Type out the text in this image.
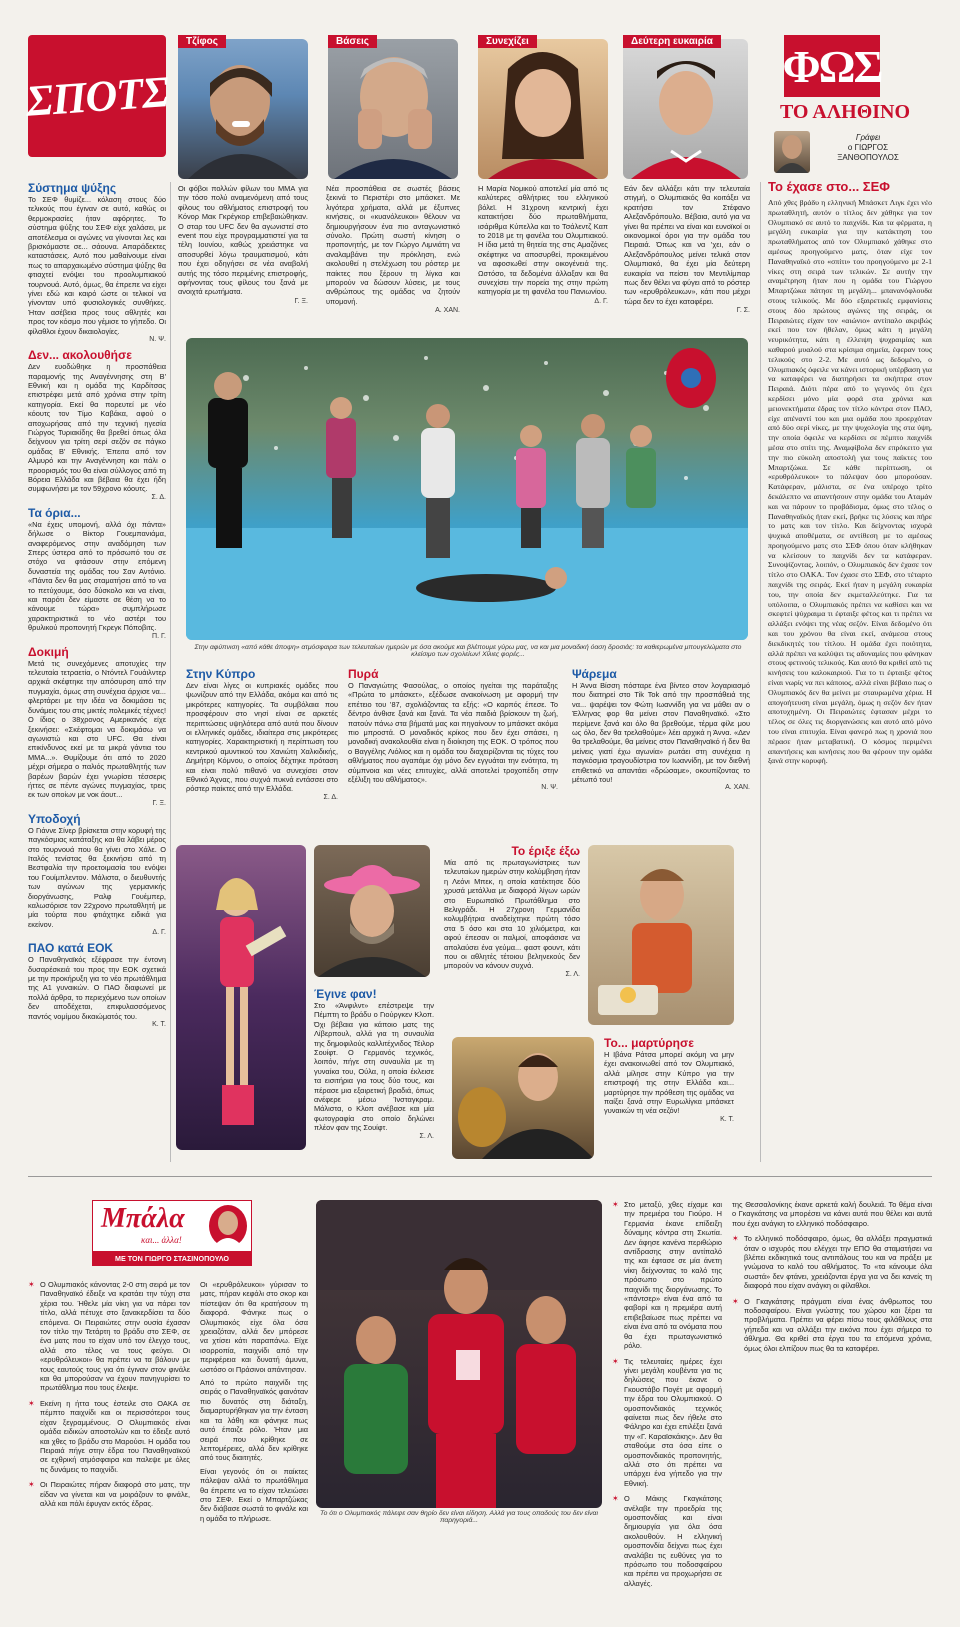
ΣΠΟΤΣ
Τζίφος	Βάσεις	Συνεχίζει	Δεύτερη ευκαιρία ΦΩΣ
ΤΟ ΑΛΗΘΙΝΟ
Γράφει
ο ΓΙΩΡΓΟΣ
ΞΑΝΘΟΠΟΥΛΟΣ

Οι φόβοι πολλών φίλων του ΜΜΑ για την τόσο πολύ αναμενόμενη από τους φίλους του αθλήματος επιστροφή του Κόνορ Μακ Γκρέγκορ επιβεβαιώθηκαν. Ο σταρ του UFC δεν θα αγωνιστεί στο event που είχε προγραμματιστεί για τα τέλη Ιουνίου, καθώς χρειάστηκε να αποσυρθεί λόγω τραυματισμού, κάτι που έχει οδηγήσει σε νέα αναβολή αυτής της τόσο περιμένης επιστροφής, αφήνοντας τους φίλους του ξανά με ανοιχτά ερωτήματα.

Γ. Ξ.

Νέα προσπάθεια σε σωστές βάσεις ξεκινά το Περιστέρι στο μπάσκετ. Με λιγότερα χρήματα, αλλά με έξυπνες κινήσεις, οι «κυανόλευκοι» θέλουν να δημιουργήσουν ένα πιο ανταγωνιστικό σύνολο. Πρώτη σωστή κίνηση ο προπονητής, με τον Γιώργο Λιμνιάτη να αναλαμβάνει την πρόκληση, ενώ ακολουθεί η στελέχωση του ρόστερ με παίκτες που ξέρουν τη λίγκα και μπορούν να δώσουν λύσεις, με τους ανθρώπους της ομάδας να ζητούν υπομονή.

Α. ΧΑΝ.

Η Μαρία Νομικού αποτελεί μία από τις καλύτερες αθλήτριες του ελληνικού βόλεϊ. Η 31χρονη κεντρική έχει κατακτήσει δύο πρωταθλήματα, ισάριθμα Κύπελλα και το Τσάλεντζ Καπ το 2018 με τη φανέλα του Ολυμπιακού. Η ίδια μετά τη θητεία της στις Αμαζόνες σκέφτηκε να αποσυρθεί, προκειμένου να αφοσιωθεί στην οικογένειά της. Ωστόσο, τα δεδομένα άλλαξαν και θα συνεχίσει την πορεία της στην πρώτη κατηγορία με τη φανέλα του Πανιωνίου.

Δ. Γ.

Εάν δεν αλλάξει κάτι την τελευταία στιγμή, ο Ολυμπιακός θα κοιτάξει να κρατήσει τον Στέφανο Αλεξανδρόπουλο. Βέβαια, αυτό για να γίνει θα πρέπει να είναι και ευνοϊκοί οι οικονομικοί όροι για την ομάδα του Πειραιά. Όπως και να 'χει, εάν ο Αλεξανδρόπουλος μείνει τελικά στον Ολυμπιακό, θα έχει μία δεύτερη ευκαιρία να πείσει τον Μεντιλίμπαρ πως δεν θέλει να φύγει από το ρόστερ των «ερυθρόλευκων», κάτι που μέχρι τώρα δεν το έχει καταφέρει.

Γ. Σ.
Σύστημα ψύξης

Το ΣΕΦ θυμίζε... κόλαση στους δύο τελικούς που έγιναν σε αυτό, καθώς οι θερμοκρασίες ήταν αφόρητες. Το σύστημα ψύξης του ΣΕΦ είχε χαλάσει, με αποτέλεσμα οι αγώνες να γίνονται λες και βρισκόμαστε σε... σάουνα. Απαράδεκτες καταστάσεις. Αυτό που μαθαίνουμε είναι πως το απαρχαιωμένο σύστημα ψύξης θα φτιαχτεί ενόψει του προολυμπιακού τουρνουά. Αυτό, όμως, θα έπρεπε να είχει γίνει εδώ και καιρό ώστε οι τελικοί να γίνονταν υπό φυσιολογικές συνθήκες. Ήταν ασέβεια προς τους αθλητές και προς τον κόσμο που γέμισε το γήπεδο. Οι φίλαθλοι έχουν δικαιολογίες.

Ν. Ψ.
Δεν... ακολουθήσε

Δεν ευοδώθηκε η προσπάθεια παραμονής της Αναγέννησης στη Β' Εθνική και η ομάδα της Καρδίτσας επιστρέφει μετά από χρόνια στην τρίτη κατηγορία. Εκεί θα πορευτεί με νέο κόουτς τον Τίμο Καβάκα, αφού ο αποχωρήσας από την τεχνική ηγεσία Γιώργος Τυριακίδης θα βρεθεί όπως όλα δείχνουν για τρίτη σερί σεζόν σε πάγκο ομάδας Β' Εθνικής. Έπειτα από τον Αλμυρό και την Αναγέννηση και πάλι ο προορισμός του θα είναι σύλλογος από τη Βόρεια Ελλάδα και βέβαια θα έχει ήδη συμφωνήσει με τον 59χρονο κόουτς.

Σ. Δ.
Τα όρια...

«Να έχεις υπομονή, αλλά όχι πάντα» δήλωσε ο Βίκτορ Γουεμπανιάμα, αναφερόμενος στην αναδόμηση των Σπερς ύστερα από το πρόσωπό του σε στόχο να φτάσουν στην επόμενη δυναστεία της ομάδας του Σαν Αντόνιο. «Πάντα δεν θα μας σταματήσει από το να το πετύχουμε, όσο δύσκολο και να είναι, και παρότι δεν είμαστε σε θέση να το κάνουμε τώρα» συμπλήρωσε χαρακτηριστικά το νέο αστέρι του θρυλικού προπονητή Γκρεγκ Πόποβιτς.

Π. Γ.
Δοκιμή

Μετά τις συνεχόμενες αποτυχίες την τελευταία τετραετία, ο Ντόντελ Γουάιλντερ αρχικά σκέφτηκε την απόσυρση από την πυγμαχία, όμως στη συνέχεια άρχισε να... φλερτάρει με την ιδέα να δοκιμάσει τις δυνάμεις του στις μικτές πολεμικές τέχνες! Ο ίδιος ο 38χρονος Αμερικανός είχε ξεκινήσει: «Σκέφτομαι να δοκιμάσω να αγωνιστώ και στο UFC. Θα είναι επικίνδυνος εκεί με τα μικρά γάντια του ΜΜΑ...». Θυμίζουμε ότι από το 2020 μέχρι σήμερα ο παλιός πρωταθλητής των βαρέων βαρών έχει γνωρίσει τέσσερις ήττες σε πέντε αγώνες πυγμαχίας, τρεις εκ των οποίων με νοκ άουτ...

Γ. Ξ.
Υποδοχή

Ο Γιάννε Σίνερ βρίσκεται στην κορυφή της παγκόσμιας κατάταξης και θα λάβει μέρος στο τουρνουά που θα γίνει στο Χάλε. Ο Ιταλός τενίστας θα ξεκινήσει από τη Βεστφαλία την προετοιμασία του ενόψει του Γουίμπλεντον. Μάλιστα, ο διευθυντής των αγώνων της γερμανικής διοργάνωσης, Ραλφ Γουέμπερ, καλωσόρισε τον 22χρονο πρωταθλητή με μία τούρτα που φτιάχτηκε ειδικά για εκείνον.

Δ. Γ.
ΠΑΟ κατά ΕΟΚ

Ο Παναθηναϊκός εξέφρασε την έντονη δυσαρέσκειά του προς την ΕΟΚ σχετικά με την προκήρυξη για το νέο πρωτάθλημα της Α1 γυναικών. Ο ΠΑΟ διαφωνεί με πολλά άρθρα, το περιεχόμενο των οποίων δεν αποδέχεται, επιφυλασσόμενος παντός νομίμου δικαιώματός του.

Κ. Τ.
Στην αφύπνιση «από κάθε άποψη» ατμόσφαιρα των τελευταίων ημερών με όσα ακούμε και βλέπουμε γύρω μας, να και μια μοναδική όαση δροσιάς: τα καθιερωμένα μπουγελώματα στο κλείσιμο των σχολείων! Χίλιες φορές...
Στην Κύπρο

Δεν είναι λίγες οι κυπριακές ομάδες που ψωνίζουν από την Ελλάδα, ακόμα και από τις μικρότερες κατηγορίες. Τα συμβόλαια που προσφέρουν στο νησί είναι σε αρκετές περιπτώσεις υψηλότερα από αυτά που δίνουν οι ελληνικές ομάδες, ιδιαίτερα στις μικρότερες κατηγορίες. Χαρακτηριστική η περίπτωση του κεντρικού αμυντικού του Χανιώτη Χαλκιδικής, Δημήτρη Κόμνου, ο οποίος δέχτηκε πρόταση και είναι πολύ πιθανό να συνεχίσει στον Εθνικό Άχνας, που συχνά πυκνά εντάσσει στο ρόστερ παίκτες από την Ελλάδα.

Σ. Δ.
Πυρά

Ο Παναγιώτης Φασούλας, ο οποίος ηγείται της παράταξης «Πρώτα το μπάσκετ», εξέδωσε ανακοίνωση με αφορμή την επέτειο του '87, σχολιάζοντας τα εξής: «Ο καρπός έπεσε. Το δέντρο άνθισε ξανά και ξανά. Τα νέα παιδιά βρίσκουν τη ζωή, πατούν πάνω στα βήματά μας και πηγαίνουν το μπάσκετ ακόμα πιο μπροστά. Ο μοναδικός κρίκος που δεν έχει σπάσει, η μοναδική ανακολουθία είναι η διοίκηση της ΕΟΚ. Ο τρόπος που ο Βαγγέλης Λιόλιος και η ομάδα του διαχειρίζονται τις τύχες του αθλήματος που αγαπάμε όχι μόνο δεν εγγυάται την ενότητα, τη σύμπνοια και νέες επιτυχίες, αλλά αποτελεί τροχοπέδη στην εξέλιξη του αθλήματος».

Ν. Ψ.
Ψάρεμα

Η Άννα Βίσση πόσταρε ένα βίντεο στον λογαριασμό που διατηρεί στο Tik Tok από την προσπάθειά της να... ψαρέψει τον Φώτη Ιωαννίδη για να μάθει αν ο Έλληνας φορ θα μείνει στον Παναθηναϊκό. «Στο περίμενε ξανά και όλο θα βρεθούμε, τέρμα φίλε μου ως όλο, δεν θα τρελαθούμε» λέει αρχικά η Άννα. «Δεν θα τρελαθούμε, θα μείνεις στον Παναθηναϊκό ή δεν θα μείνεις γιατί έχω αγωνία» ρωτάει στη συνέχεια η παγκόσμια τραγουδίστρια τον Ιωαννίδη, με τον διεθνή επιθετικό να απαντάει «δρώσαμε», οκουπίζοντας το μέτωπό του!

Α. ΧΑΝ.
Έγινε φαν!

Στο «Άνφιλντ» επέστρεψε την Πέμπτη το βράδυ ο Γιούργκεν Κλοπ. Όχι βέβαια για κάποιο ματς της Λίβερπουλ, αλλά για τη συναυλία της δημοφιλούς καλλιτέχνιδος Τέιλορ Σουίφτ. Ο Γερμανός τεχνικός, λοιπόν, πήγε στη συναυλία με τη γυναίκα του, Ούλα, η οποία έκλεισε τα εισιτήρια για τους δύο τους, και πέρασε μια εξαιρετική βραδιά, όπως ανέφερε μέσω Ίνσταγκραμ. Μάλιστα, ο Κλοπ ανέβασε και μία φωτογραφία στο οποίο δηλώνει πλέον φαν της Σουίφτ.

Σ. Λ.
Το έριξε έξω

Μία από τις πρωταγωνίστριες των τελευταίων ημερών στην κολύμβηση ήταν η Λεόνι Μπεκ, η οποία κατέκτησε δύο χρυσά μετάλλια με διαφορά λίγων ωρών στο Ευρωπαϊκό Πρωτάθλημα στο Βελιγράδι. Η 27χρονη Γερμανίδα κολυμβήτρια αναδείχτηκε πρώτη τόσο στα 5 όσο και στα 10 χιλιόμετρα, και αφού έπεσαν οι παλμοί, αποφάσισε να απολαύσει ένα γεύμα... φαστ φουντ, κάτι που οι αθλητές τέτοιου βεληνεκούς δεν μπορούν να κάνουν συχνά.

Σ. Λ.
Το... μαρτύρησε

Η Ιβάνα Ράτσα μπορεί ακόμη να μην έχει ανακοινωθεί από τον Ολυμπιακό, αλλά μίλησε στην Κύπρο για την επιστροφή της στην Ελλάδα και... μαρτύρησε την πρόθεση της ομάδας να παίξει ξανά στην Ευρωλίγκα μπάσκετ γυναικών τη νέα σεζόν!

Κ. Τ.
Το έχασε στο... ΣΕΦ

Από χθες βράδυ η ελληνική Μπάσκετ Λιγκ έχει νέο πρωταθλητή, αυτόν ο τίτλος δεν χάθηκε για τον Ολυμπιακό σε αυτό το παιχνίδι. Και τα φέρματα, η μεγάλη ευκαιρία για την κατάκτηση του πρωταθλήματος από τον Ολυμπιακό χάθηκε στο αμέσως προηγούμενο ματς, όταν είχε τον Παναθηναϊκό στο «σπίτι» του προηγούμενο με 2-1 νίκες στη σειρά των τελικών. Σε αυτήν την αναμέτρηση ήταν που η ομάδα του Γιώργου Μπαρτζώκα πάτησε τη μεγάλη... μπανανόφλουδα στους τελικούς. Με δύο εξαιρετικές εμφανίσεις στους δύο πρώτους αγώνες της σειράς, οι Πειραιώτες είχαν τον «αιώνιο» αντίπαλο ακριβώς εκεί που τον ήθελαν, όμως κάτι η μεγάλη νευρικότητα, κάτι η έλλειψη ψυχραιμίας και καθαρού μυαλού στα κρίσιμα σημεία, έφεραν τους τελικούς στο 2-2. Με αυτό ως δεδομένο, ο Ολυμπιακός όφειλε να κάνει ιστορική υπέρβαση για να καταφέρει να διατηρήσει τα σκήπτρα στον Πειραιά. Διότι πέρα από το γεγονός ότι έχει κερδίσει μόνο μία φορά στα χρόνια και μειονεκτήματα έδρας τον τίτλο κόντρα στον ΠΑΟ, είχε απέναντί του και μια ομάδα που προερχόταν από δύο σερί νίκες, με την ψυχολογία της στα ύψη, την οποία όφειλε να κερδίσει σε πέμπτο παιχνίδι μέσα στο σπίτι της. Αναμφίβολα δεν επρόκειτο για την πιο εύκολη αποστολή για τους παίκτες του Μπαρτζώκα. Σε κάθε περίπτωση, οι «ερυθρόλευκοι» το πάλεψαν όσο μπορούσαν. Κατάφεραν, μάλιστα, σε ένα υπέροχο τρίτο δεκάλεπτο να απαντήσουν στην ομάδα του Αταμάν και να πάρουν το προβάδισμα, όμως στο τέλος ο Παναθηναϊκός ήταν εκεί, βρήκε τις λύσεις και πήρε το ματς και τον τίτλο. Και δείχνοντας ισχυρά ψυχικά αποθέματα, σε αντίθεση με το αμέσως προηγούμενο ματς στο ΣΕΦ όπου όταν κλήθηκαν να κλείσουν το παιχνίδι δεν τα κατάφεραν. Συνοψίζοντας, λοιπόν, ο Ολυμπιακός δεν έχασε τον τίτλο στο ΟΑΚΑ. Τον έχασε στο ΣΕΦ, στο τέταρτο παιχνίδι της σειράς. Εκεί ήταν η μεγάλη ευκαιρία του, την οποία δεν εκμεταλλεύτηκε. Για τα υπόλοιπα, ο Ολυμπιακός πρέπει να καθίσει και να σκεφτεί ψύχραιμα τι έφταιξε φέτος και τι πρέπει να αλλάξει ενόψει της νέας σεζόν. Είναι δεδομένο ότι και του χρόνου θα είναι εκεί, ανάμεσα στους διεκδικητές του τίτλου. Η ομάδα έχει ποιότητα, αλλά πρέπει να καλύψει τις αδυναμίες που φάνηκαν στους φετινούς τελικούς. Και αυτό θα κριθεί από τις κινήσεις του καλοκαιριού. Για το τι έφταιξε φέτος είναι νωρίς να πει κάποιος, αλλά είναι βέβαιο πως ο Ολυμπιακός δεν θα μείνει με σταυρωμένα χέρια. Η απογοήτευση είναι μεγάλη, όμως η σεζόν δεν ήταν αποτυχημένη. Οι Πειραιώτες έφτασαν μέχρι το τέλος σε όλες τις διοργανώσεις και αυτό από μόνο του είναι επιτυχία. Είναι φανερό πως η χρονιά που πέρασε ήταν μεταβατική. Ο κόσμος περιμένει απαντήσεις και κινήσεις που θα φέρουν την ομάδα ξανά στην κορυφή.

Μπάλα
και... άλλα!
ΜΕ ΤΟΝ ΓΙΩΡΓΟ ΣΤΑΣΙΝΟΠΟΥΛΟ
✶ Ο Ολυμπιακός κάνοντας 2-0 στη σειρά με τον Παναθηναϊκό έδειξε να κρατάει την τύχη στα χέρια του. Ήθελε μία νίκη για να πάρει τον τίτλο, αλλά πέτυχε στο ξανακερδίσει τα δύο επόμενα. Οι Πειραιώτες στην ουσία έχασαν τον τίτλο την Τετάρτη το βράδυ στο ΣΕΦ, σε ένα ματς που το είχαν υπό τον έλεγχο τους, αλλά στο τέλος να τους φεύγει. Οι «ερυθρόλευκοι» θα πρέπει να τα βάλουν με τους εαυτούς τους για ότι έγιναν στον φινάλε και θα μπορούσαν να έχουν πανηγυρίσει το πρωτάθλημα που τους έλειψε.
✶ Εκείνη η ήττα τους έστειλε στο ΟΑΚΑ σε πέμπτο παιχνίδι και οι περισσότεροι τους είχαν ξεγραμμένους. Ο Ολυμπιακός είναι ομάδα ειδικών αποστολών και το έδειξε αυτό και χθες το βράδυ στο Μαρούσι. Η ομάδα του Πειραιά πήγε στην έδρα του Παναθηναϊκού σε εχθρική ατμόσφαιρα και παλεψε με όλες τις δυνάμεις το παιχνίδι.
✶ Οι Πειραιώτες πήραν διαφορά στο ματς, την είδαν να γίνεται και να μοιράζουν το φινάλε, αλλά και πάλι έφυγαν εκτός έδρας.

Οι «ερυθρόλευκοι» γύρισαν το ματς, πήραν κεφάλι στο σκορ και πίστεψαν ότι θα κρατήσουν τη διαφορά. Φάνηκε πως ο Ολυμπιακός είχε όλα όσα χρειαζόταν, αλλά δεν μπόρεσε να χτίσει κάτι παραπάνω. Είχε ισορροπία, παιχνίδι από την περιφέρεια και δυνατή άμυνα, ωστόσο οι Πράσινοι απάντησαν.

Από το πρώτο παιχνίδι της σειράς ο Παναθηναϊκός φαινόταν πιο δυνατός στη διάταξη, διαμαρτυρήθηκαν για την ένταση και τα λάθη και φάνηκε πως αυτό έπαιζε ρόλο. Ήταν μια σειρά που κρίθηκε σε λεπτομέρειες, αλλά δεν κρίθηκε από τους διαιτητές.

Είναι γεγονός ότι οι παίκτες πάλεψαν αλλά το πρωτάθλημα θα έπρεπε να το είχαν τελειώσει στο ΣΕΦ. Εκεί ο Μπαρτζώκας δεν διάβασε σωστά το φινάλε και η ομάδα το πλήρωσε.

Το ότι ο Ολυμπιακός πάλεψε σαν θηρίο δεν είναι είδηση. Αλλά για τους οπαδούς του δεν είναι παρηγοριά...
✶ Στο μεταξύ, χθες είχαμε και την πρεμιέρα του Γιούρο. Η Γερμανία έκανε επίδειξη δύναμης κόντρα στη Σκωτία. Δεν άφησε κανένα περιθώριο αντίδρασης στην αντίπαλό της και έφτασε σε μία άνετη νίκη δείχνοντας το καλό της πρόσωπο στο πρώτο παιχνίδι της διοργάνωσης. Το «πάντσερ» είναι ένα από τα φαβορί και η πρεμιέρα αυτή επιβεβαίωσε πως πρέπει να είναι ένα από τα ονόματα που θα έχει πρωταγωνιστικό ρόλο.
✶ Τις τελευταίες ημέρες έχει γίνει μεγάλη κουβέντα για τις δηλώσεις που έκανε ο Γκουστάβο Πογέτ με αφορμή την έδρα του Ολυμπιακού. Ο ομοσπονδιακός τεχνικός φαίνεται πως δεν ήθελε στο Φάληρο και έχει επιλέξει ξανά την «Γ. Καραϊσκάκης». Δεν θα σταθούμε στα όσα είπε ο ομοσπονδιακός προπονητής, αλλά στο ότι πρέπει να υπάρχει ένα γήπεδο για την Εθνική.
✶ Ο Μάκης Γκαγκάτσης ανέλαβε την προεδρία της ομοσπονδίας και είναι δημιουργία για όλα όσα ακολουθούν. Η ελληνική ομοσπονδία δείχνει πως έχει αναλάβει τις ευθύνες για το πρόσωπο του ποδοσφαίρου και πρέπει να προχωρήσει σε αλλαγές.

της Θεσσαλονίκης έκανε αρκετά καλή δουλειά. Το θέμα είναι ο Γκαγκάτσης να μπορέσει να κάνει αυτά που θέλει και αυτά που έχει ανάγκη το ελληνικό ποδόσφαιρο.

✶ Το ελληνικό ποδόσφαιρο, όμως, θα αλλάξει πραγματικά όταν ο ισχυρός που ελέγχει την ΕΠΟ θα σταματήσει να βλέπει εκδικητικά τους αντιπάλους του και να πράξει με γνώμονα το καλό του αθλήματος. Το «τα κάνουμε όλα σωστά» δεν φτάνει, χρειάζονται έργα για να δει κανείς τη διαφορά που είχαν ανάγκη οι φίλαθλοι.
✶ Ο Γκαγκάτσης πράγματι είναι ένας άνθρωπος του ποδοσφαίρου. Είναι γνώστης του χώρου και ξέρει τα προβλήματα. Πρέπει να φέρει πίσω τους φιλάθλους στα γήπεδα και να αλλάξει την εικόνα που έχει σήμερα το άθλημα. Θα κριθεί στα έργα του τα επόμενα χρόνια, όμως όλοι ελπίζουν πως θα τα καταφέρει.
